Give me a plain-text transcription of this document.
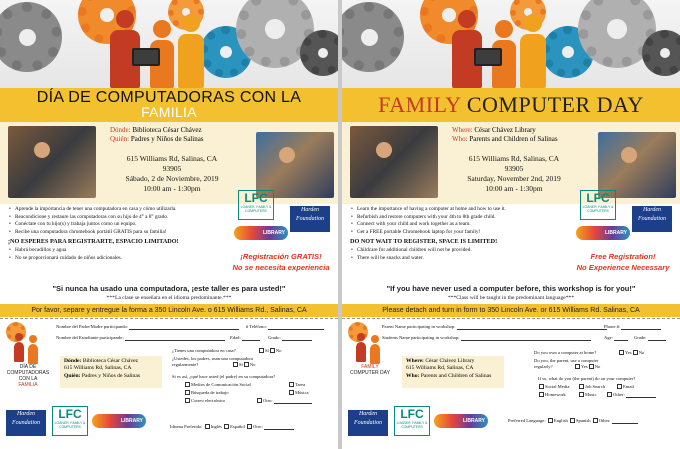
DÍA DE COMPUTADORAS CON LA
FAMILIA
Dónde: Biblioteca César Chávez
Quién: Padres y Niños de Salinas
615 Williams Rd, Salinas, CA
93905
Sábado, 2 de Noviembre, 2019
10:00 am - 1:30pm
• Aprende la importancia de tener una computadora en casa y cómo utilizarla.
• Reacondicione y restaure las computadoras con su hijo de 4° a 8° grado.
• Conéctate con tu hijo(s) y trabaja juntos como un equipo.
• Recibe una computadora chromebook portátil GRATIS para su familia!
¡NO ESPERES PARA REGISTRARTE, ESPACIO LIMITADO!
• Habrá bocadillos y agua
• No se proporcionará cuidado de niños adicionales.
LFC
LOANER, FAMILY &
COMPUTERS	Harden
Foundation
LIBRARY
¡Registración GRATIS!
No se necesita experiencia
"Si nunca ha usado una computadora, ¡este taller es para usted!"
***La clase se enseñara en el idioma predominante.***
Por favor, separe y entregue la forma a 350 Lincoln Ave. o 615 Williams Rd., Salinas, CA
DÍA DE
COMPUTADORAS
CON LA
FAMILIA
Nombre del Padre/Madre participando:	# Teléfono:
Nombre del Estudiante participando:	Edad:	Grado:
Dónde: Biblioteca César Chávez
615 Williams Rd, Salinas, CA
Quién: Padres y Niños de Salinas
¿Tienes una computadora en casa?	Sí No
¿Ustedes, los padres, usan una computadora regularmente?	Sí No
Si es así, ¿qué hace usted (el padre) en su computadora?
Medios de Comunicación Social	Tarea
Búsqueda de trabajo	Música
Correo electrónico	Otro:
LFC
LOANER, FAMILY &
COMPUTERS
Harden
Foundation	LIBRARY
Idioma Preferido: Inglés Español Otro:
FAMILY COMPUTER DAY
Where: César Chávez Library
Who: Parents and Children of Salinas
615 Williams Rd, Salinas, CA
93905
Saturday, November 2nd, 2019
10:00 am - 1:30pm
• Learn the importance of having a computer at home and how to use it.
• Refurbish and restore computers with your 4th to 8th grade child.
• Connect with your child and work together as a team.
• Get a FREE portable Chromebook laptop for your family!
DO NOT WAIT TO REGISTER, SPACE IS LIMITED!
• Childcare for additional children will not be provided.
• There will be snacks and water.
LFC
LOANER, FAMILY &
COMPUTERS	Harden
Foundation
LIBRARY
Free Registration!
No Experience Necessary
"If you have never used a computer before, this workshop is for you!"
***Class will be taught in the predominant language***
Please detach and turn in form to 350 Lincoln Ave. or 615 Williams Rd. Salinas, CA
FAMILY
COMPUTER DAY
Parent Name participating in workshop:	Phone #:
Students Name participating in workshop:	Age:	Grade:
Where: César Chávez Library
615 Williams Rd, Salinas, CA
Who: Parents and Children of Salinas
Do you own a computer at home?	Yes No
Do you, the parent, use a computer regularly?	Yes No
If so, what do you (the parent) do on your computer?
Social Media	Job Search	Email
Homework	Music	Other:
LFC
LOANER, FAMILY &
COMPUTERS
Harden
Foundation	LIBRARY	Preferred Language: English Spanish Other:
